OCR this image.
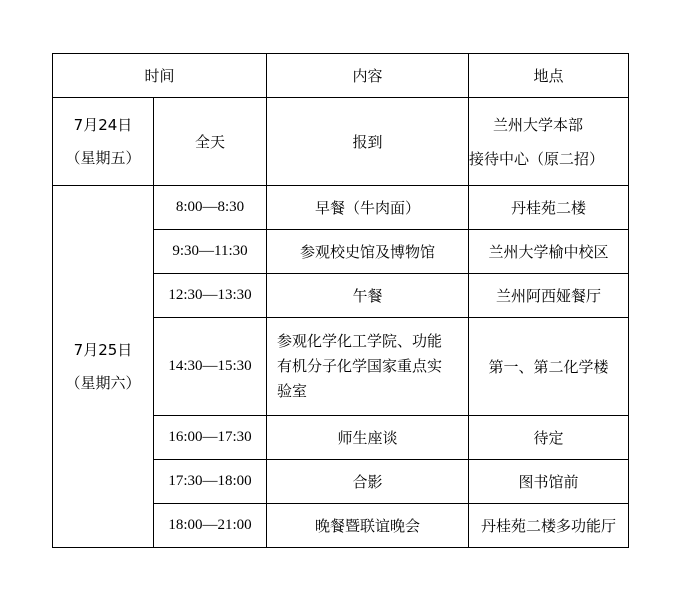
时间		内容	地点

7月24日
（星期五）	全天	报到	兰州大学本部
接待中心（原二招）

7月25日
（星期六）	8:00—8:30	早餐（牛肉面）	丹桂苑二楼
	9:30—11:30	参观校史馆及博物馆	兰州大学榆中校区
	12:30—13:30	午餐	兰州阿西娅餐厅
	14:30—15:30	参观化学化工学院、功能
有机分子化学国家重点实
验室	第一、第二化学楼
	16:00—17:30	师生座谈	待定
	17:30—18:00	合影	图书馆前
	18:00—21:00	晚餐暨联谊晚会	丹桂苑二楼多功能厅
